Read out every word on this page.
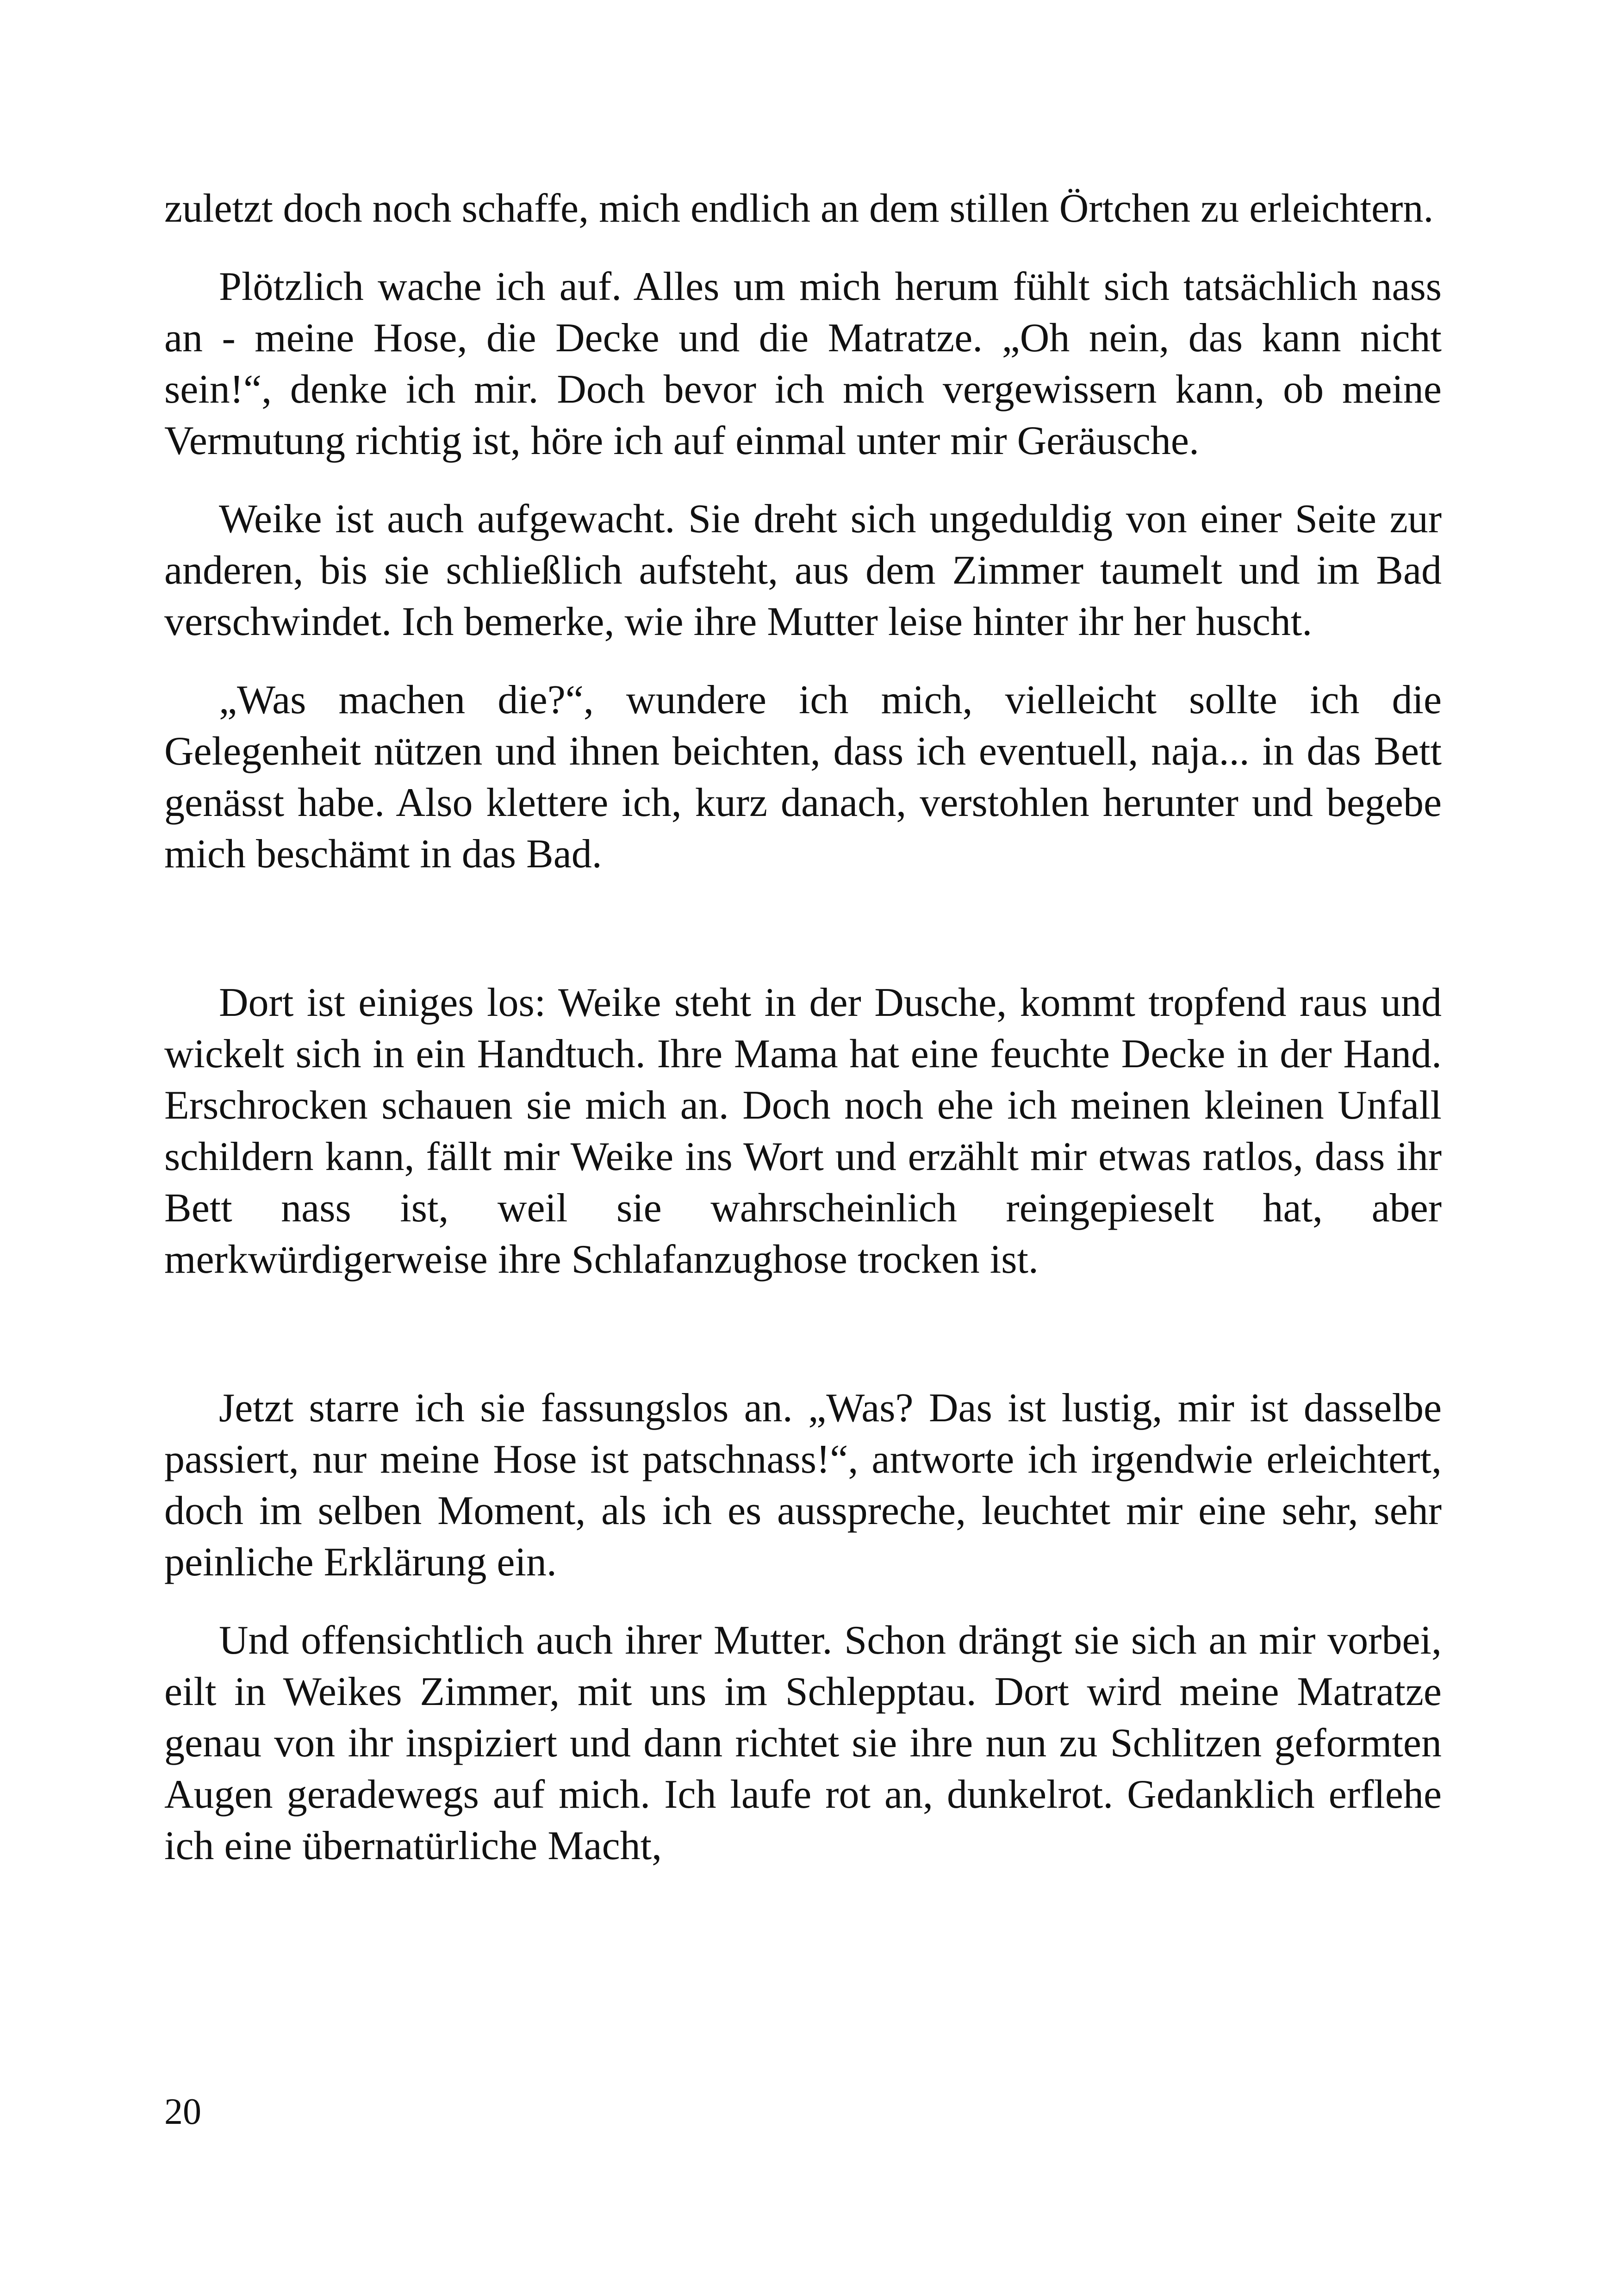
zuletzt doch noch schaffe, mich endlich an dem stillen Örtchen zu erleichtern.

Plötzlich wache ich auf. Alles um mich herum fühlt sich tatsächlich nass an - meine Hose, die Decke und die Matratze. „Oh nein, das kann nicht sein!“, denke ich mir. Doch bevor ich mich vergewissern kann, ob meine Vermutung richtig ist, höre ich auf einmal unter mir Geräusche.

Weike ist auch aufgewacht. Sie dreht sich ungeduldig von einer Seite zur anderen, bis sie schließlich aufsteht, aus dem Zimmer taumelt und im Bad verschwindet. Ich bemerke, wie ihre Mutter leise hinter ihr her huscht.

„Was machen die?“, wundere ich mich, vielleicht sollte ich die Gelegenheit nützen und ihnen beichten, dass ich eventuell, naja... in das Bett genässt habe. Also klettere ich, kurz danach, verstohlen herunter und begebe mich beschämt in das Bad.

Dort ist einiges los: Weike steht in der Dusche, kommt tropfend raus und wickelt sich in ein Handtuch. Ihre Mama hat eine feuchte Decke in der Hand. Erschrocken schauen sie mich an. Doch noch ehe ich meinen kleinen Unfall schildern kann, fällt mir Weike ins Wort und erzählt mir etwas ratlos, dass ihr Bett nass ist, weil sie wahrscheinlich reingepieselt hat, aber merkwürdigerweise ihre Schlafanzughose trocken ist.

Jetzt starre ich sie fassungslos an. „Was? Das ist lustig, mir ist dasselbe passiert, nur meine Hose ist patschnass!“, antworte ich irgendwie erleichtert, doch im selben Moment, als ich es ausspreche, leuchtet mir eine sehr, sehr peinliche Erklärung ein.

Und offensichtlich auch ihrer Mutter. Schon drängt sie sich an mir vorbei, eilt in Weikes Zimmer, mit uns im Schlepptau. Dort wird meine Matratze genau von ihr inspiziert und dann richtet sie ihre nun zu Schlitzen geformten Augen geradewegs auf mich. Ich laufe rot an, dunkelrot. Gedanklich erflehe ich eine übernatürliche Macht,

20
